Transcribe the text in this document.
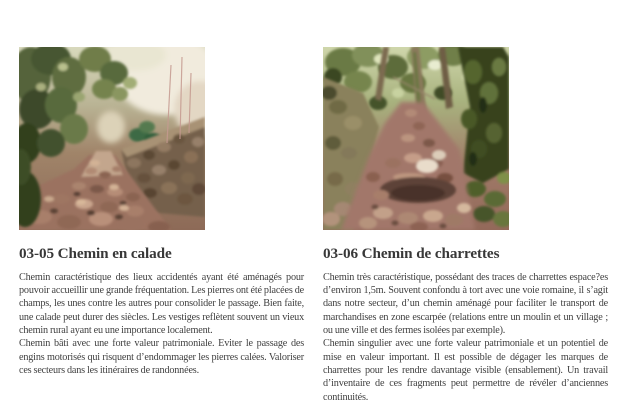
03-05 Chemin en calade

Chemin caractéristique des lieux accidentés ayant été aménagés pour pouvoir accueillir une grande fréquentation. Les pierres ont été placées de champs, les unes contre les autres pour consolider le passage. Bien faite, une calade peut durer des siècles. Les vestiges reflètent souvent un vieux chemin rural ayant eu une importance localement.

Chemin bâti avec une forte valeur patrimoniale. Eviter le passage des engins motorisés qui risquent d’endommager les pierres calées. Valoriser ces secteurs dans les itinéraires de randonnées.

03-06 Chemin de charrettes

Chemin très caractéristique, possédant des traces de charrettes espace?es d’environ 1,5m. Souvent confondu à tort avec une voie romaine, il s’agit dans notre secteur, d’un chemin aménagé pour faciliter le transport de marchandises en zone escarpée (relations entre un moulin et un village ; ou une ville et des fermes isolées par exemple).

Chemin singulier avec une forte valeur patrimoniale et un potentiel de mise en valeur important. Il est possible de dégager les marques de charrettes pour les rendre davantage visible (ensablement). Un travail d’inventaire de ces fragments peut permettre de révéler d’anciennes continuités.
